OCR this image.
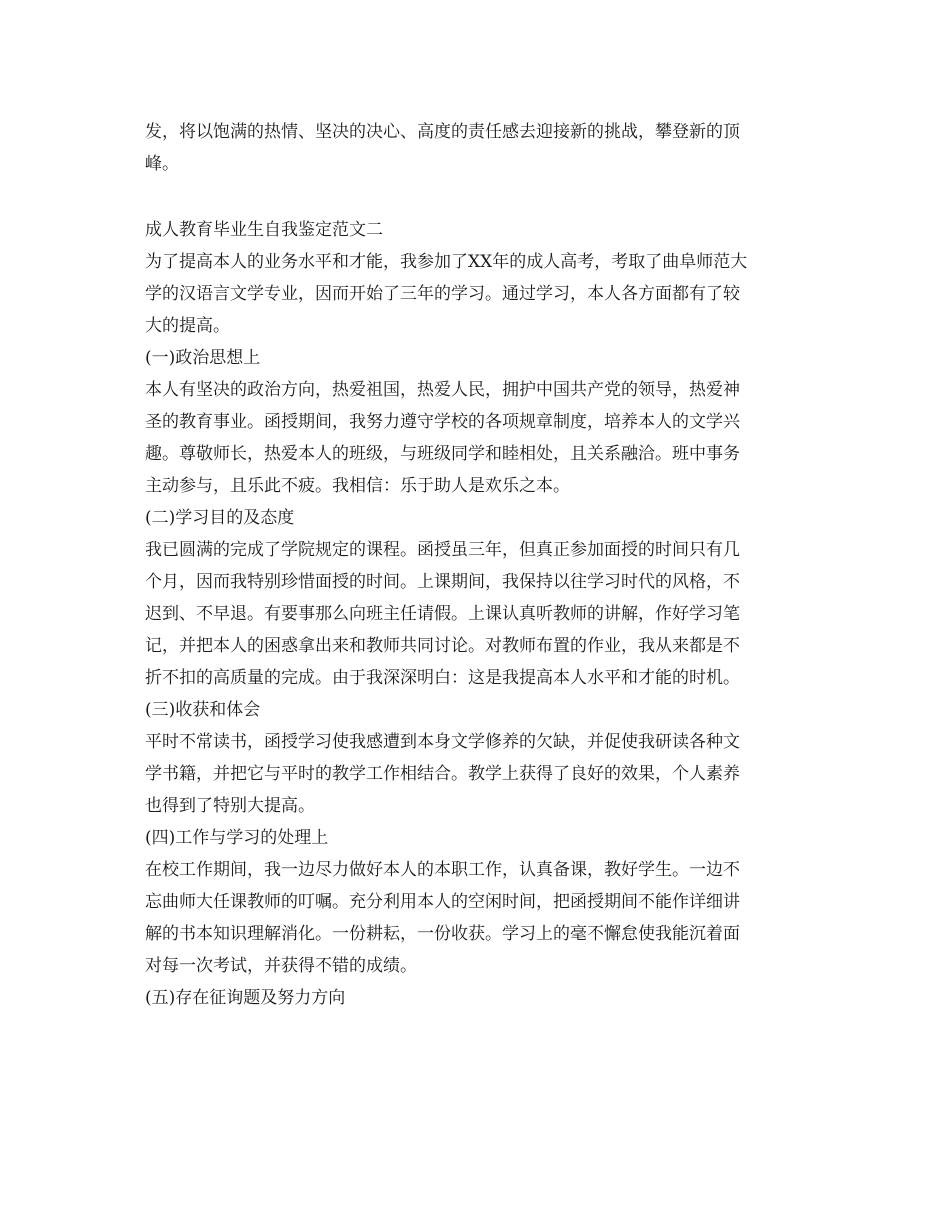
发，将以饱满的热情、坚决的决心、高度的责任感去迎接新的挑战，攀登新的顶
峰。
成人教育毕业生自我鉴定范文二
为了提高本人的业务水平和才能，我参加了XX年的成人高考，考取了曲阜师范大
学的汉语言文学专业，因而开始了三年的学习。通过学习，本人各方面都有了较
大的提高。
(一)政治思想上
本人有坚决的政治方向，热爱祖国，热爱人民，拥护中国共产党的领导，热爱神
圣的教育事业。函授期间，我努力遵守学校的各项规章制度，培养本人的文学兴
趣。尊敬师长，热爱本人的班级，与班级同学和睦相处，且关系融洽。班中事务
主动参与，且乐此不疲。我相信：乐于助人是欢乐之本。
(二)学习目的及态度
我已圆满的完成了学院规定的课程。函授虽三年，但真正参加面授的时间只有几
个月，因而我特别珍惜面授的时间。上课期间，我保持以往学习时代的风格，不
迟到、不早退。有要事那么向班主任请假。上课认真听教师的讲解，作好学习笔
记，并把本人的困惑拿出来和教师共同讨论。对教师布置的作业，我从来都是不
折不扣的高质量的完成。由于我深深明白：这是我提高本人水平和才能的时机。
(三)收获和体会
平时不常读书，函授学习使我感遭到本身文学修养的欠缺，并促使我研读各种文
学书籍，并把它与平时的教学工作相结合。教学上获得了良好的效果，个人素养
也得到了特别大提高。
(四)工作与学习的处理上
在校工作期间，我一边尽力做好本人的本职工作，认真备课，教好学生。一边不
忘曲师大任课教师的叮嘱。充分利用本人的空闲时间，把函授期间不能作详细讲
解的书本知识理解消化。一份耕耘，一份收获。学习上的毫不懈怠使我能沉着面
对每一次考试，并获得不错的成绩。
(五)存在征询题及努力方向
